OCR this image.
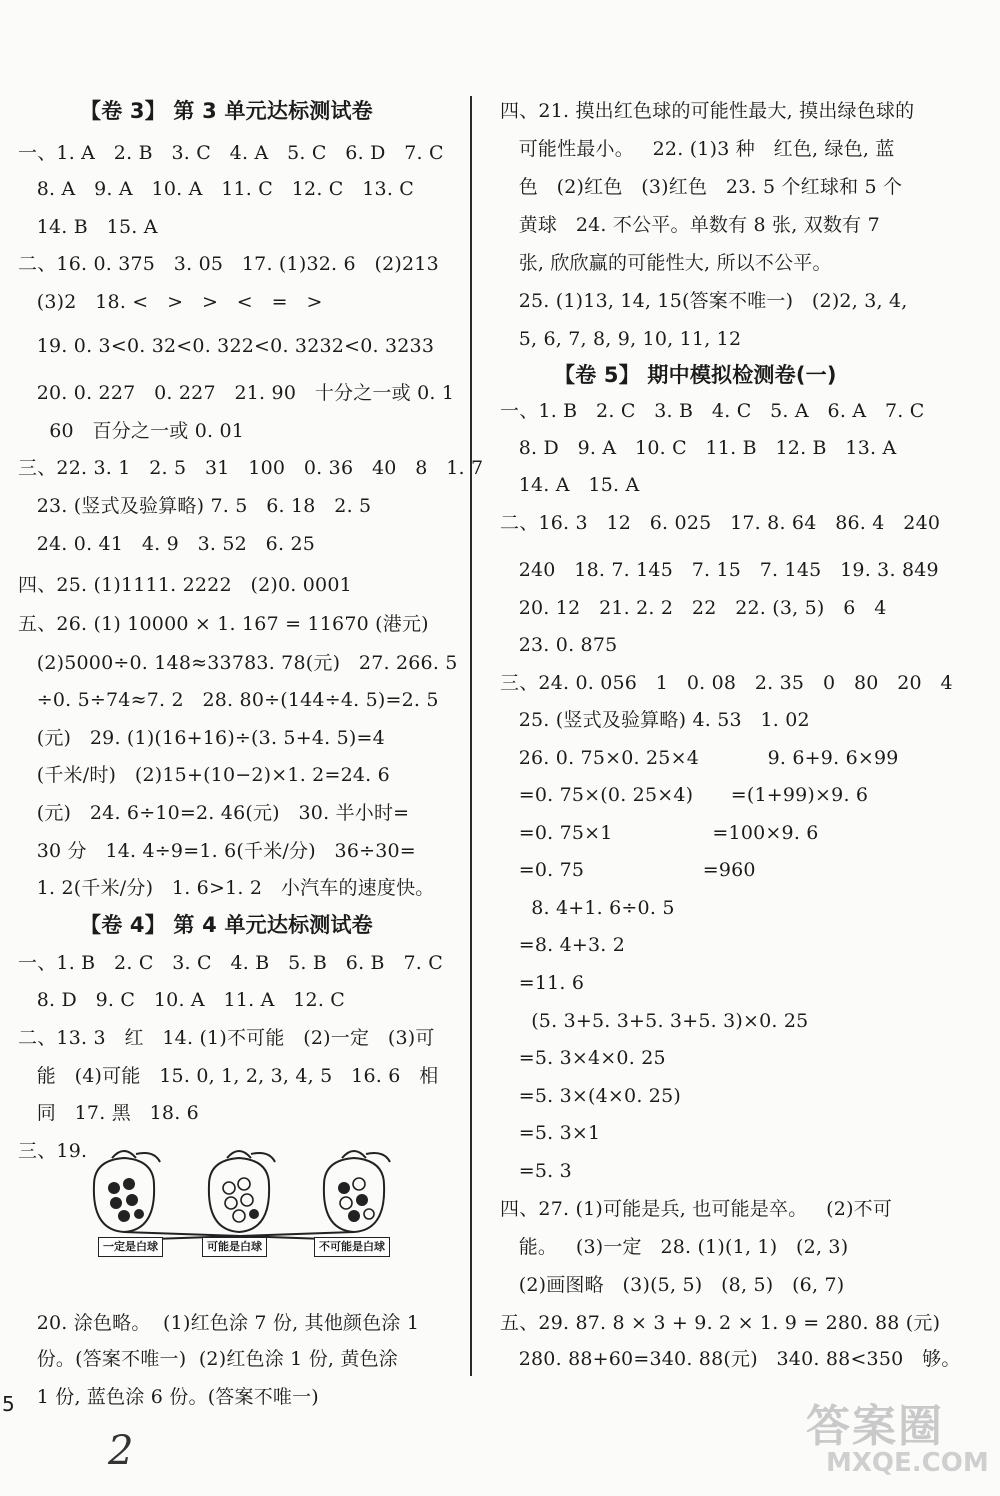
【卷 3】 第 3 单元达标测试卷
一、1. A   2. B   3. C   4. A   5. C   6. D   7. C
8. A   9. A   10. A   11. C   12. C   13. C
14. B   15. A
二、16. 0. 375   3. 05   17. (1)32. 6   (2)213
(3)2   18. <   >   >   <   =   >
19. 0. 3<0. 32<0. 322<0. 3232<0. 3233
20. 0. 227   0. 227   21. 90   十分之一或 0. 1
60   百分之一或 0. 01
三、22. 3. 1   2. 5   31   100   0. 36   40   8   1. 7
23. (竖式及验算略) 7. 5   6. 18   2. 5
24. 0. 41   4. 9   3. 52   6. 25
四、25. (1)1111. 2222   (2)0. 0001
五、26. (1) 10000 × 1. 167 = 11670 (港元)
(2)5000÷0. 148≈33783. 78(元)   27. 266. 5
÷0. 5÷74≈7. 2   28. 80÷(144÷4. 5)=2. 5
(元)   29. (1)(16+16)÷(3. 5+4. 5)=4
(千米/时)   (2)15+(10−2)×1. 2=24. 6
(元)   24. 6÷10=2. 46(元)   30. 半小时=
30 分   14. 4÷9=1. 6(千米/分)   36÷30=
1. 2(千米/分)   1. 6>1. 2   小汽车的速度快。
【卷 4】 第 4 单元达标测试卷
一、1. B   2. C   3. C   4. B   5. B   6. B   7. C
8. D   9. C   10. A   11. A   12. C
二、13. 3   红   14. (1)不可能   (2)一定   (3)可
能   (4)可能   15. 0, 1, 2, 3, 4, 5   16. 6   相
同   17. 黑   18. 6
三、19.
20. 涂色略。  (1)红色涂 7 份, 其他颜色涂 1
份。(答案不唯一)  (2)红色涂 1 份, 黄色涂
1 份, 蓝色涂 6 份。(答案不唯一)
四、21. 摸出红色球的可能性最大, 摸出绿色球的
可能性最小。   22. (1)3 种   红色, 绿色, 蓝
色   (2)红色   (3)红色   23. 5 个红球和 5 个
黄球   24. 不公平。单数有 8 张, 双数有 7
张, 欣欣赢的可能性大, 所以不公平。
25. (1)13, 14, 15(答案不唯一)   (2)2, 3, 4,
5, 6, 7, 8, 9, 10, 11, 12
【卷 5】 期中模拟检测卷(一)
一、1. B   2. C   3. B   4. C   5. A   6. A   7. C
8. D   9. A   10. C   11. B   12. B   13. A
14. A   15. A
二、16. 3   12   6. 025   17. 8. 64   86. 4   240
240   18. 7. 145   7. 15   7. 145   19. 3. 849
20. 12   21. 2. 2   22   22. (3, 5)   6   4
23. 0. 875
三、24. 0. 056   1   0. 08   2. 35   0   80   20   4
25. (竖式及验算略) 4. 53   1. 02
26. 0. 75×0. 25×4           9. 6+9. 6×99
=0. 75×(0. 25×4)      =(1+99)×9. 6
=0. 75×1                =100×9. 6
=0. 75                   =960
8. 4+1. 6÷0. 5
=8. 4+3. 2
=11. 6
(5. 3+5. 3+5. 3+5. 3)×0. 25
=5. 3×4×0. 25
=5. 3×(4×0. 25)
=5. 3×1
=5. 3
四、27. (1)可能是兵, 也可能是卒。   (2)不可
能。   (3)一定   28. (1)(1, 1)   (2, 3)
(2)画图略   (3)(5, 5)   (8, 5)   (6, 7)
五、29. 87. 8 × 3 + 9. 2 × 1. 9 = 280. 88 (元)
280. 88+60=340. 88(元)   340. 88<350   够。
一定是白球	可能是白球	不可能是白球
5
2	答案圈
MXQE.COM
